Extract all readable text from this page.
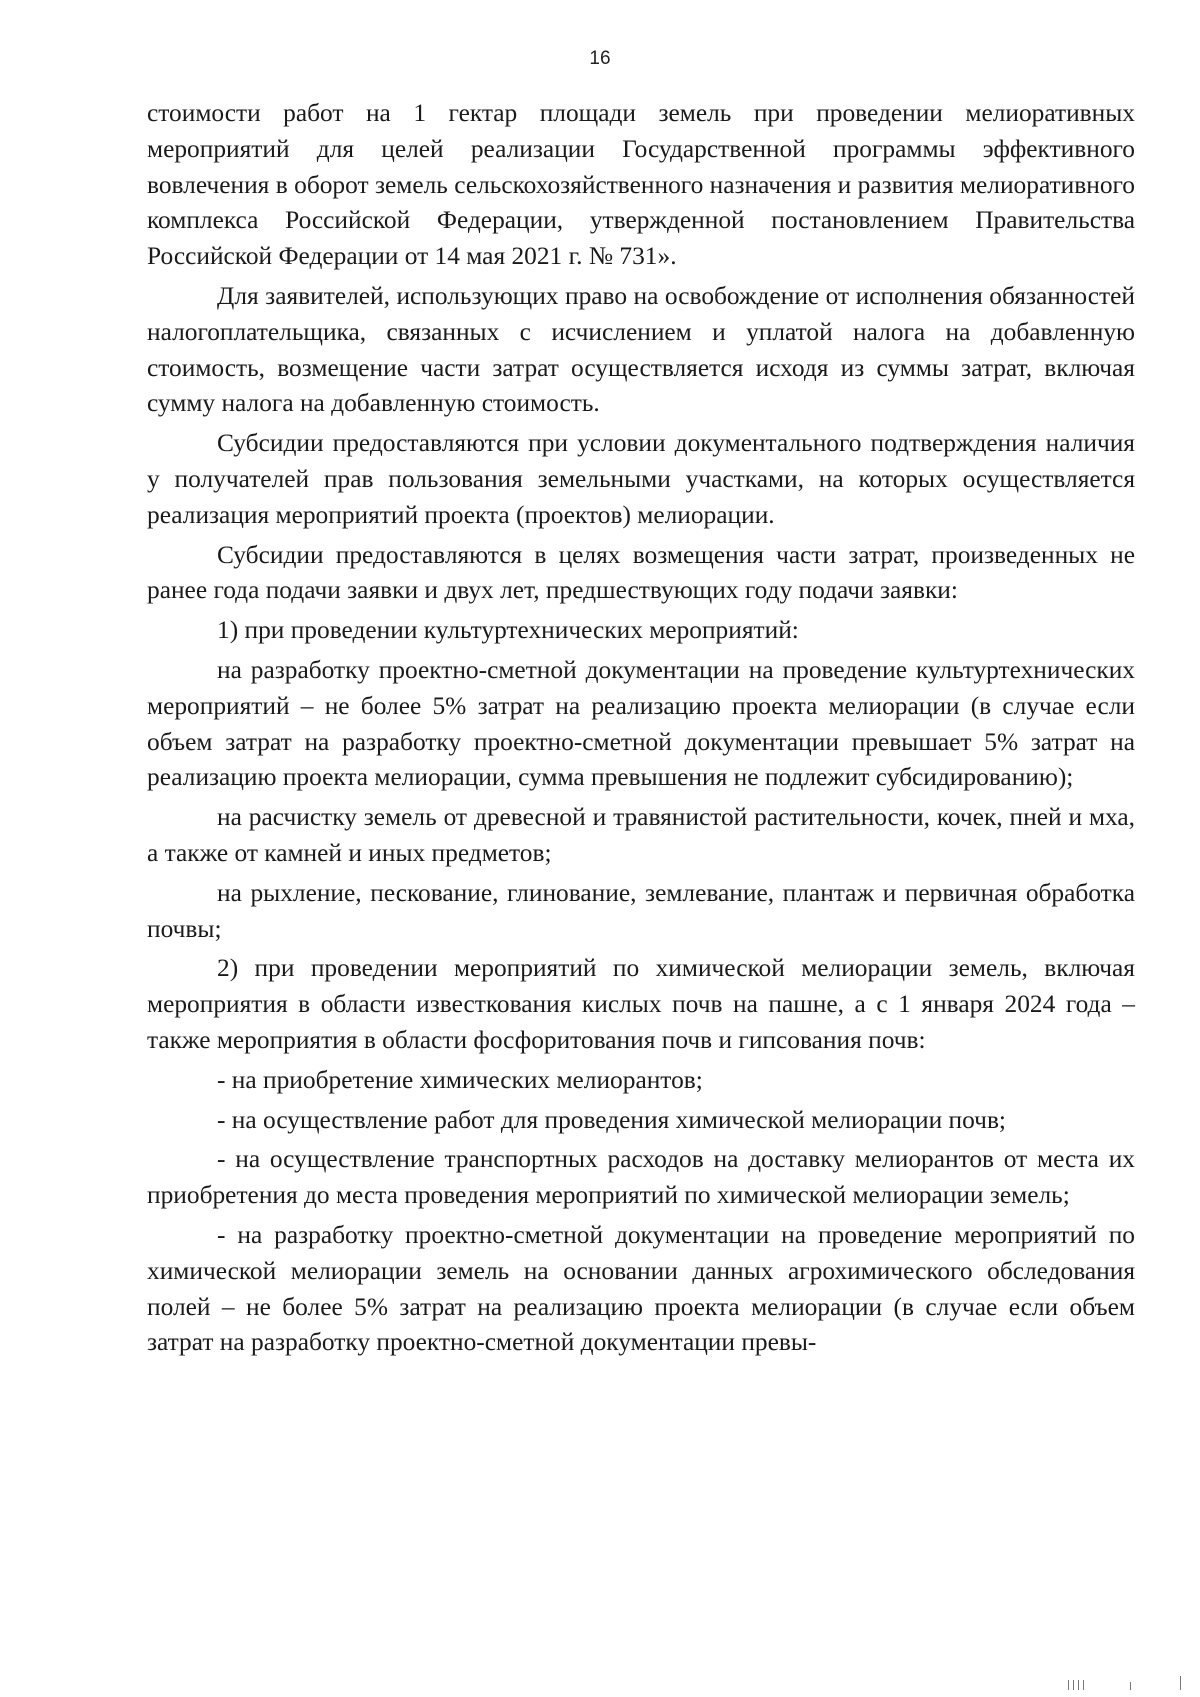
16

стоимости работ на 1 гектар площади земель при проведении мелиоративных мероприятий для целей реализации Государственной программы эффективного вовлечения в оборот земель сельскохозяйственного назначения и развития мелиоративного комплекса Российской Федерации, утвержденной постановлением Правительства Российской Федерации от 14 мая 2021 г. № 731».

Для заявителей, использующих право на освобождение от исполнения обязанностей налогоплательщика, связанных с исчислением и уплатой налога на добавленную стоимость, возмещение части затрат осуществляется исходя из суммы затрат, включая сумму налога на добавленную стоимость.

Субсидии предоставляются при условии документального подтверждения наличия у получателей прав пользования земельными участками, на которых осуществляется реализация мероприятий проекта (проектов) мелиорации.

Субсидии предоставляются в целях возмещения части затрат, произведенных не ранее года подачи заявки и двух лет, предшествующих году подачи заявки:

1) при проведении культуртехнических мероприятий:

на разработку проектно-сметной документации на проведение культуртехнических мероприятий – не более 5% затрат на реализацию проекта мелиорации (в случае если объем затрат на разработку проектно-сметной документации превышает 5% затрат на реализацию проекта мелиорации, сумма превышения не подлежит субсидированию);

на расчистку земель от древесной и травянистой растительности, кочек, пней и мха, а также от камней и иных предметов;

на рыхление, пескование, глинование, землевание, плантаж и первичная обработка почвы;

2) при проведении мероприятий по химической мелиорации земель, включая мероприятия в области известкования кислых почв на пашне, а с 1 января 2024 года – также мероприятия в области фосфоритования почв и гипсования почв:

- на приобретение химических мелиорантов;

- на осуществление работ для проведения химической мелиорации почв;

- на осуществление транспортных расходов на доставку мелиорантов от места их приобретения до места проведения мероприятий по химической мелиорации земель;

- на разработку проектно-сметной документации на проведение мероприятий по химической мелиорации земель на основании данных агрохимического обследования полей – не более 5% затрат на реализацию проекта мелиорации (в случае если объем затрат на разработку проектно-сметной документации превы-
